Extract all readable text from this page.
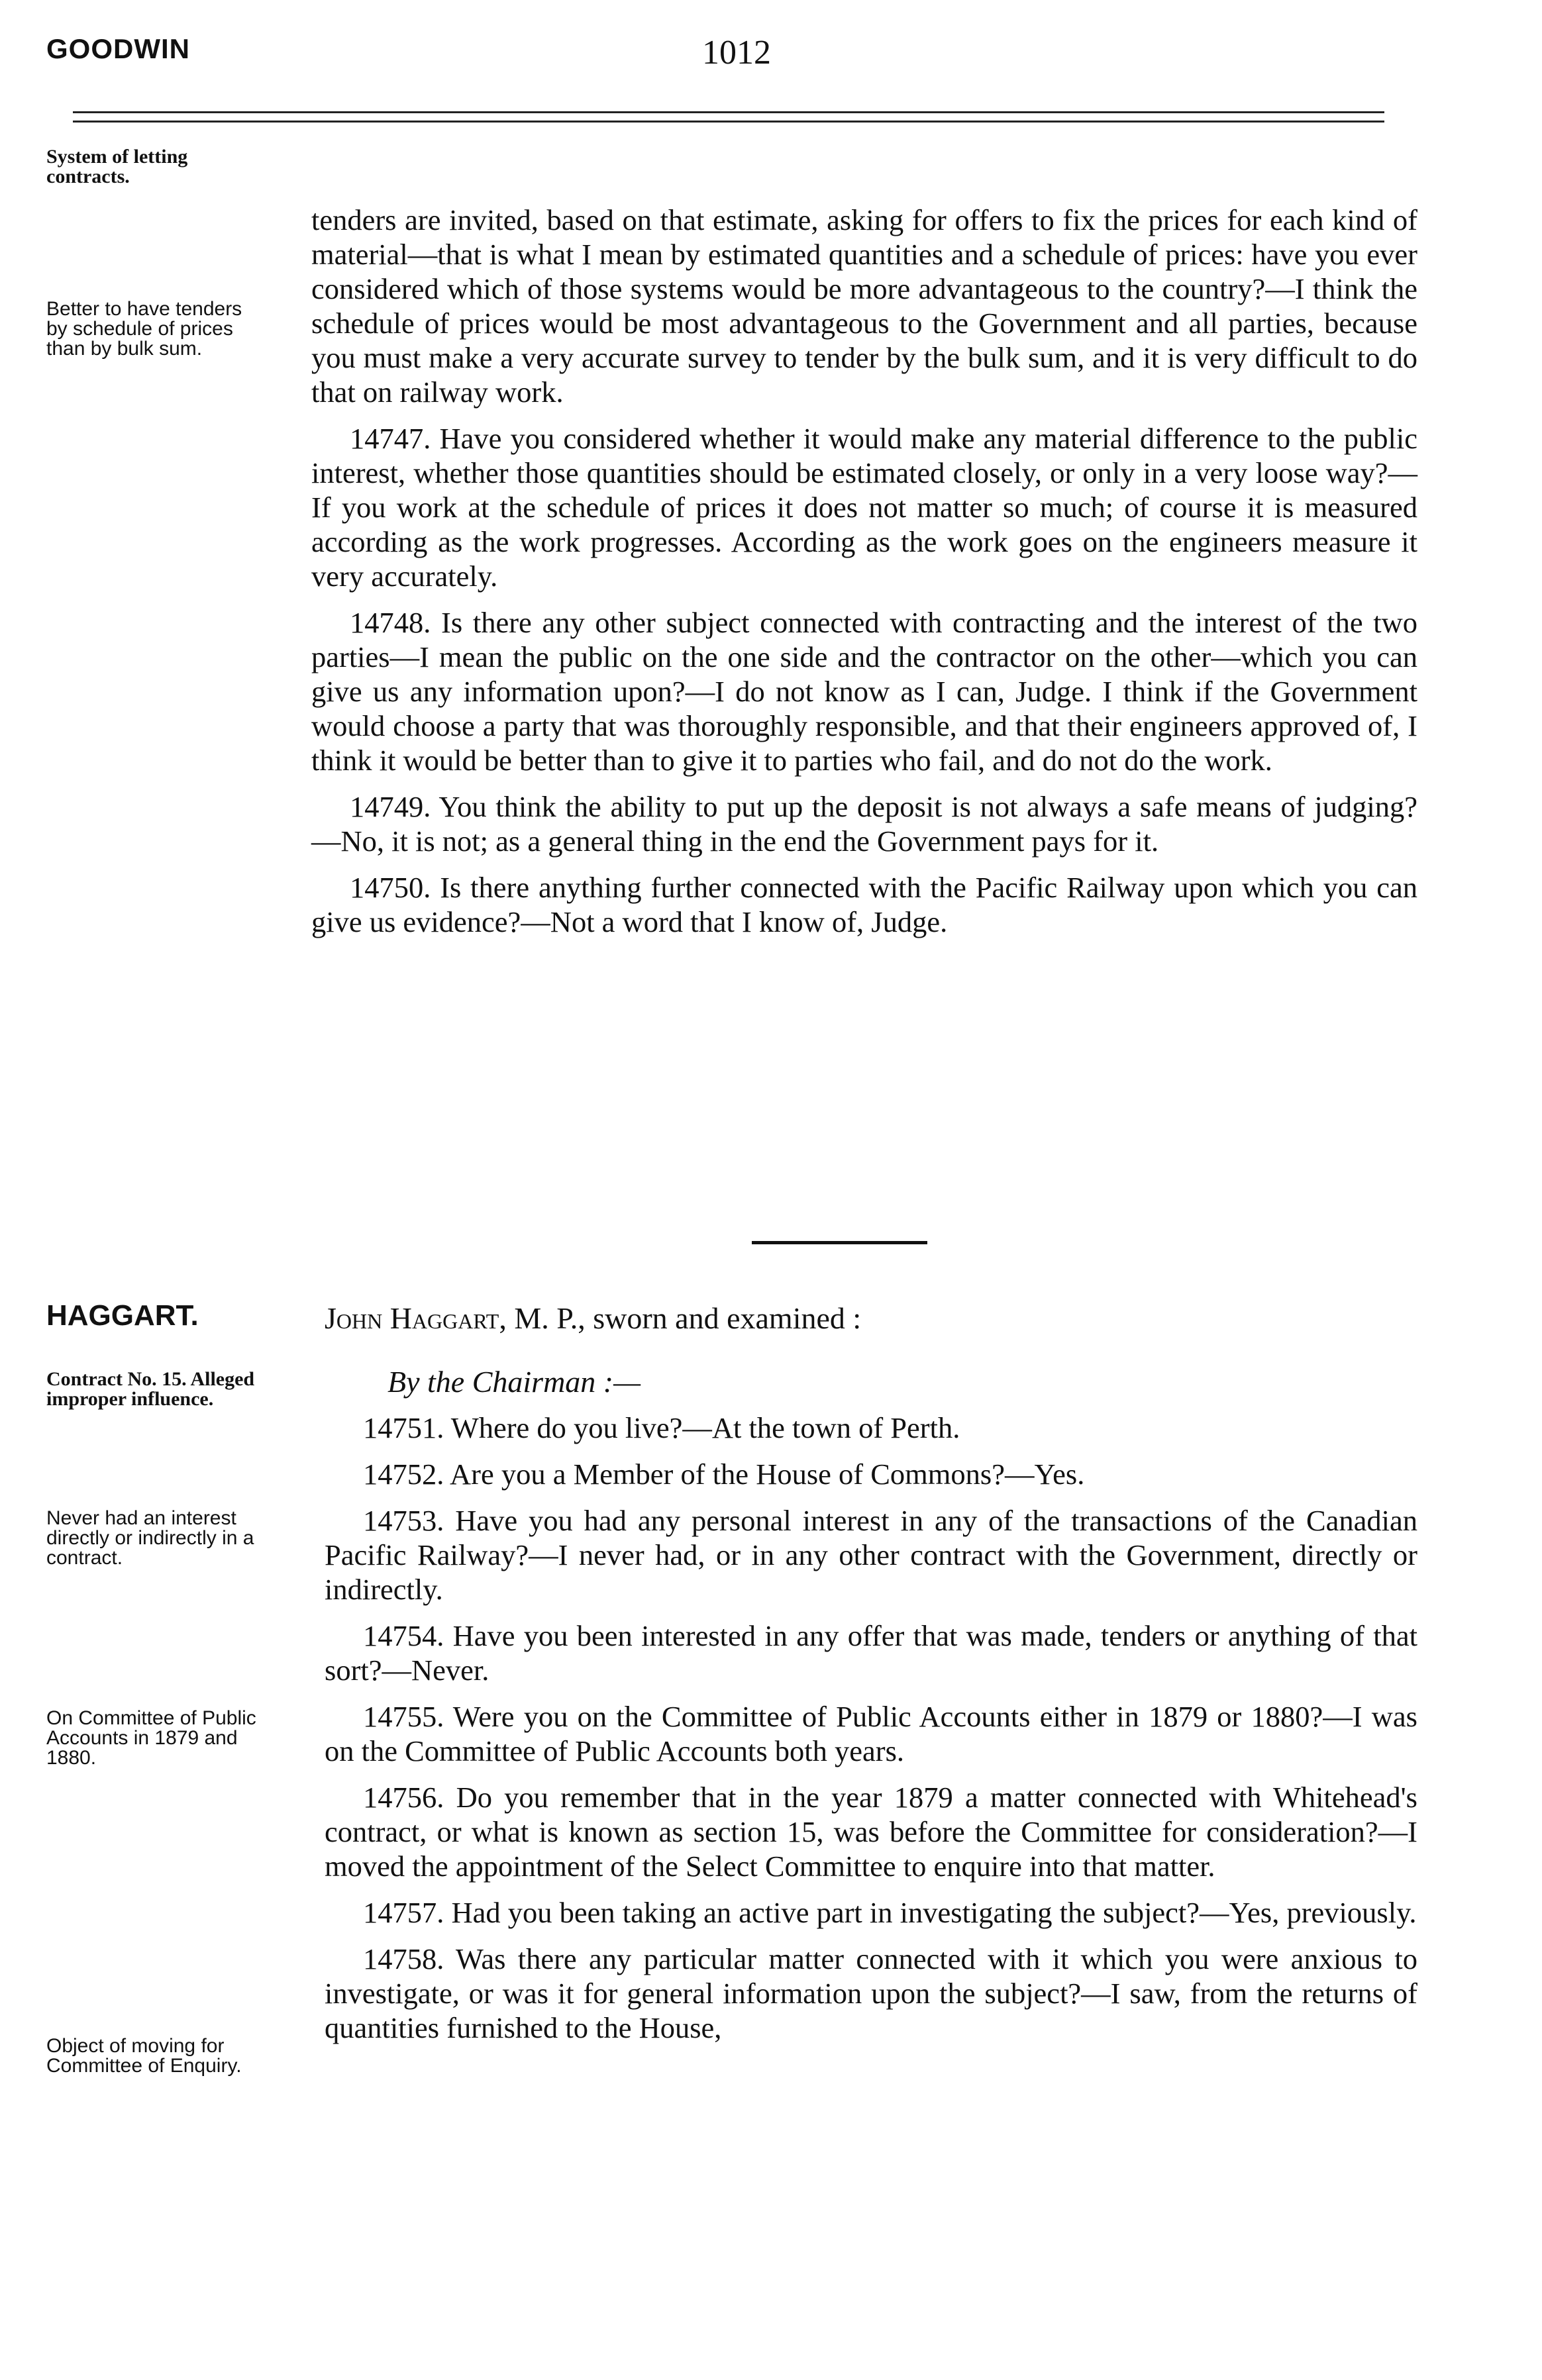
GOODWIN	1012
System of letting contracts.
Better to have tenders by schedule of prices than by bulk sum.
HAGGART.
Contract No. 15. Alleged improper influence.
Never had an interest directly or indirectly in a contract.
On Committee of Public Accounts in 1879 and 1880.
Object of moving for Committee of Enquiry.

tenders are invited, based on that estimate, asking for offers to fix the prices for each kind of material—that is what I mean by estimated quantities and a schedule of prices: have you ever considered which of those systems would be more advantageous to the country?—I think the schedule of prices would be most advantageous to the Government and all parties, because you must make a very accurate survey to tender by the bulk sum, and it is very difficult to do that on railway work.

14747. Have you considered whether it would make any material difference to the public interest, whether those quantities should be estimated closely, or only in a very loose way?—If you work at the schedule of prices it does not matter so much; of course it is measured according as the work progresses. According as the work goes on the engineers measure it very accurately.

14748. Is there any other subject connected with contracting and the interest of the two parties—I mean the public on the one side and the contractor on the other—which you can give us any information upon?—I do not know as I can, Judge. I think if the Government would choose a party that was thoroughly responsible, and that their engineers approved of, I think it would be better than to give it to parties who fail, and do not do the work.

14749. You think the ability to put up the deposit is not always a safe means of judging?—No, it is not; as a general thing in the end the Government pays for it.

14750. Is there anything further connected with the Pacific Railway upon which you can give us evidence?—Not a word that I know of, Judge.

John Haggart, M. P., sworn and examined :
By the Chairman :—

14751. Where do you live?—At the town of Perth.

14752. Are you a Member of the House of Commons?—Yes.

14753. Have you had any personal interest in any of the transactions of the Canadian Pacific Railway?—I never had, or in any other contract with the Government, directly or indirectly.

14754. Have you been interested in any offer that was made, tenders or anything of that sort?—Never.

14755. Were you on the Committee of Public Accounts either in 1879 or 1880?—I was on the Committee of Public Accounts both years.

14756. Do you remember that in the year 1879 a matter connected with Whitehead's contract, or what is known as section 15, was before the Committee for consideration?—I moved the appointment of the Select Committee to enquire into that matter.

14757. Had you been taking an active part in investigating the subject?—Yes, previously.

14758. Was there any particular matter connected with it which you were anxious to investigate, or was it for general information upon the subject?—I saw, from the returns of quantities furnished to the House,
